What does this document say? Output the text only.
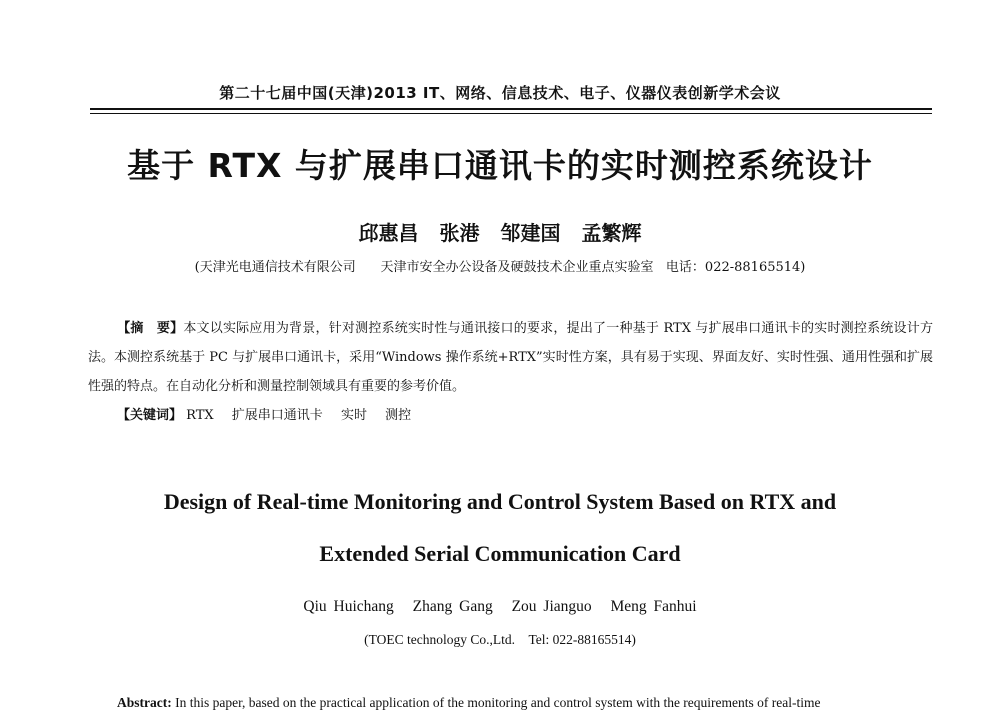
第二十七届中国(天津)2013 IT、网络、信息技术、电子、仪器仪表创新学术会议
基于 RTX 与扩展串口通讯卡的实时测控系统设计
邱惠昌 张港 邹建国 孟繁辉
(天津光电通信技术有限公司 天津市安全办公设备及硬鼓技术企业重点实验室 电话：022-88165514)
【摘　要】本文以实际应用为背景，针对测控系统实时性与通讯接口的要求，提出了一种基于 RTX 与扩展串口通讯卡的实时测控系统设计方法。本测控系统基于 PC 与扩展串口通讯卡，采用“Windows 操作系统+RTX”实时性方案，具有易于实现、界面友好、实时性强、通用性强和扩展性强的特点。在自动化分析和测量控制领域具有重要的参考价值。
【关键词】 RTX 扩展串口通讯卡 实时 测控
Design of Real-time Monitoring and Control System Based on RTX and
Extended Serial Communication Card
Qiu Huichang Zhang Gang Zou Jianguo Meng Fanhui
(TOEC technology Co.,Ltd.　Tel: 022-88165514)
Abstract: In this paper, based on the practical application of the monitoring and control system with the requirements of real-time
